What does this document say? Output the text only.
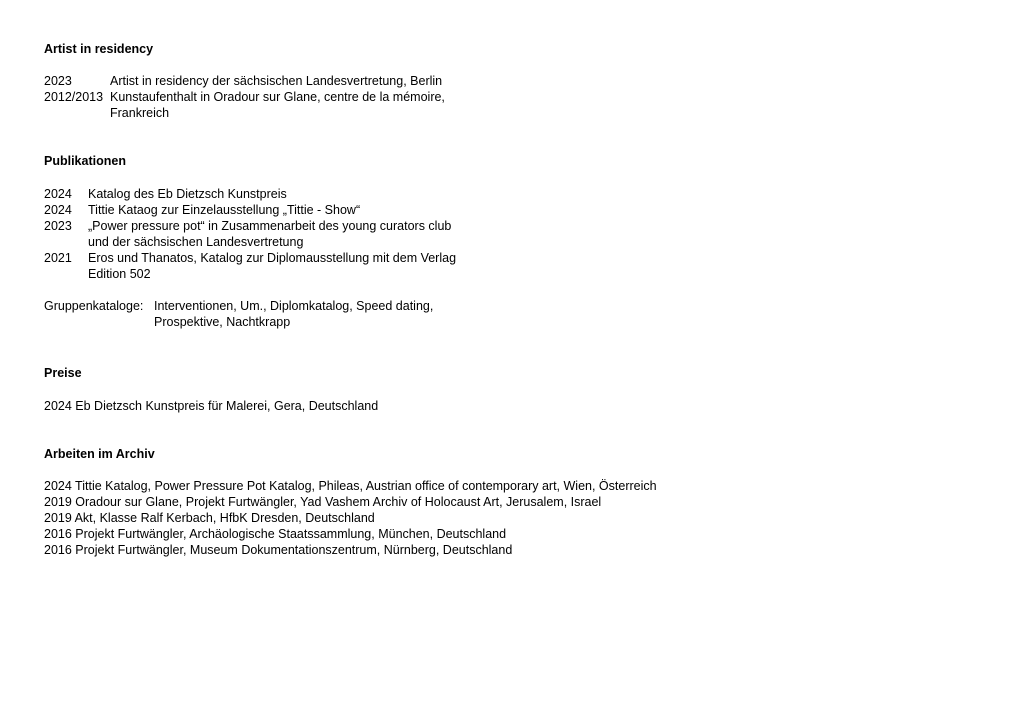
Artist in residency
2023	Artist in residency der sächsischen Landesvertretung, Berlin
2012/2013 Kunstaufenthalt in Oradour sur Glane, centre de la mémoire,
Frankreich
Publikationen
2024 Katalog des Eb Dietzsch Kunstpreis
2024 Tittie Kataog zur Einzelausstellung „Tittie - Show“
2023 „Power pressure pot“ in Zusammenarbeit des young curators club
und der sächsischen Landesvertretung
2021 Eros und Thanatos, Katalog zur Diplomausstellung mit dem Verlag
Edition 502
Gruppenkataloge: Interventionen, Um., Diplomkatalog, Speed dating,
Prospektive, Nachtkrapp
Preise
2024 Eb Dietzsch Kunstpreis für Malerei, Gera, Deutschland
Arbeiten im Archiv
2024 Tittie Katalog, Power Pressure Pot Katalog, Phileas, Austrian office of contemporary art, Wien, Österreich
2019 Oradour sur Glane, Projekt Furtwängler, Yad Vashem Archiv of Holocaust Art, Jerusalem, Israel
2019 Akt, Klasse Ralf Kerbach, HfbK Dresden, Deutschland
2016 Projekt Furtwängler, Archäologische Staatssammlung, München, Deutschland
2016 Projekt Furtwängler, Museum Dokumentationszentrum, Nürnberg, Deutschland
